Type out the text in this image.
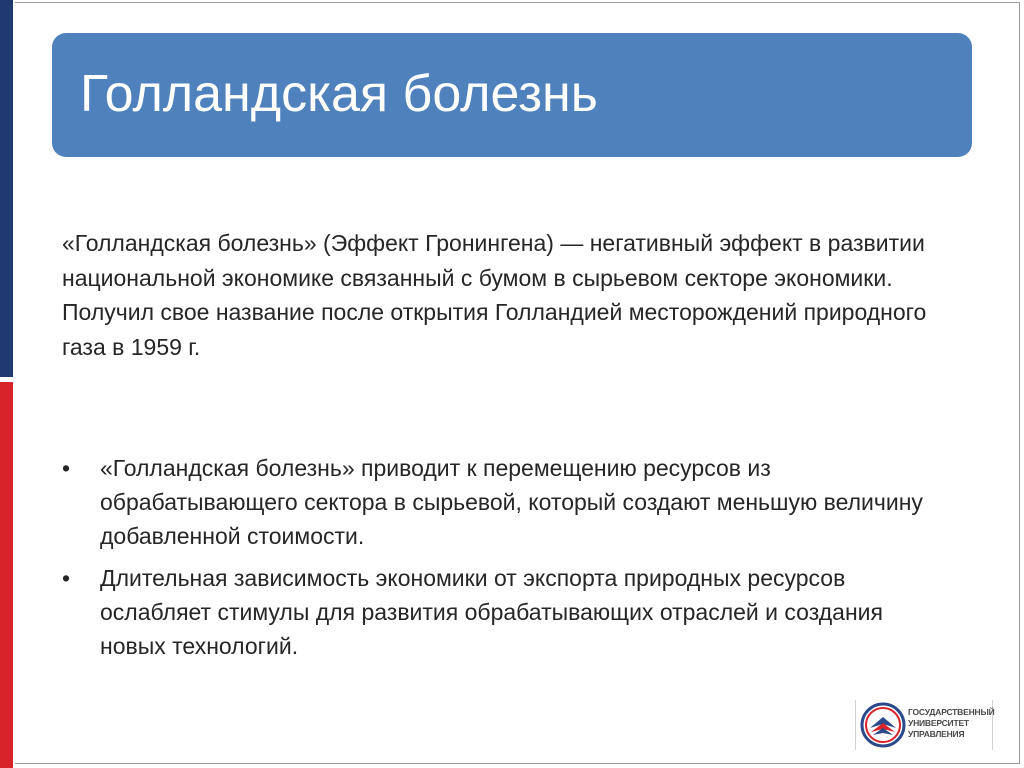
Голландская болезнь
«Голландская болезнь» (Эффект Гронингена) — негативный эффект в развитии национальной экономике связанный с бумом в сырьевом секторе экономики. Получил свое название после открытия Голландией месторождений природного газа в 1959 г.
• «Голландская болезнь» приводит к перемещению ресурсов из обрабатывающего сектора в сырьевой, который создают меньшую величину добавленной стоимости.
• Длительная зависимость экономики от экспорта природных ресурсов ослабляет стимулы для развития обрабатывающих отраслей и создания новых технологий.
ГОСУДАРСТВЕННЫЙ
УНИВЕРСИТЕТ
УПРАВЛЕНИЯ
